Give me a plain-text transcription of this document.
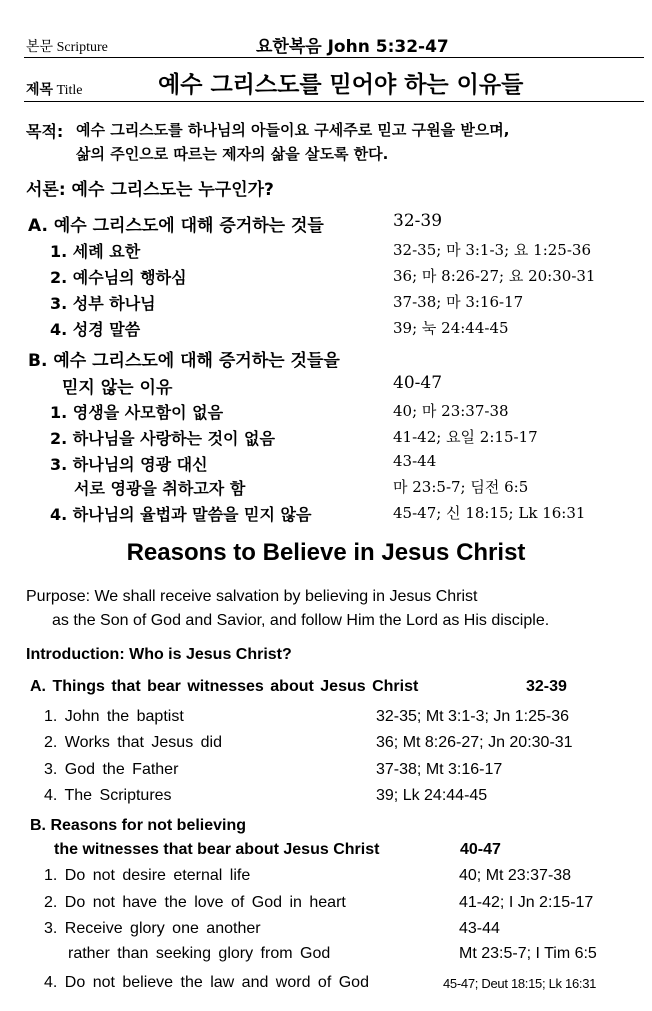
본문 Scripture	요한복음 John 5:32-47
제목 Title	예수 그리스도를 믿어야 하는 이유들
목적: 예수 그리스도를 하나님의 아들이요 구세주로 믿고 구원을 받으며,
삶의 주인으로 따르는 제자의 삶을 살도록 한다.
서론: 예수 그리스도는 누구인가?
A. 예수 그리스도에 대해 증거하는 것들	32-39
1. 세례 요한	32-35; 마 3:1-3; 요 1:25-36
2. 예수님의 행하심	36; 마 8:26-27; 요 20:30-31
3. 성부 하나님	37-38; 마 3:16-17
4. 성경 말씀	39; 눅 24:44-45
B. 예수 그리스도에 대해 증거하는 것들을
믿지 않는 이유	40-47
1. 영생을 사모함이 없음	40; 마 23:37-38
2. 하나님을 사랑하는 것이 없음	41-42; 요일 2:15-17
3. 하나님의 영광 대신	43-44
서로 영광을 취하고자 함	마 23:5-7; 딤전 6:5
4. 하나님의 율법과 말씀을 믿지 않음	45-47; 신 18:15; Lk 16:31
Reasons to Believe in Jesus Christ
Purpose: We shall receive salvation by believing in Jesus Christ
as the Son of God and Savior, and follow Him the Lord as His disciple.
Introduction: Who is Jesus Christ?
A. Things that bear witnesses about Jesus Christ	32-39
1. John the baptist	32-35; Mt 3:1-3; Jn 1:25-36
2. Works that Jesus did	36; Mt 8:26-27; Jn 20:30-31
3. God the Father	37-38; Mt 3:16-17
4. The Scriptures	39; Lk 24:44-45
B. Reasons for not believing
the witnesses that bear about Jesus Christ	40-47
1. Do not desire eternal life	40; Mt 23:37-38
2. Do not have the love of God in heart	41-42; I Jn 2:15-17
3. Receive glory one another	43-44
rather than seeking glory from God	Mt 23:5-7; I Tim 6:5
4. Do not believe the law and word of God	45-47; Deut 18:15; Lk 16:31
